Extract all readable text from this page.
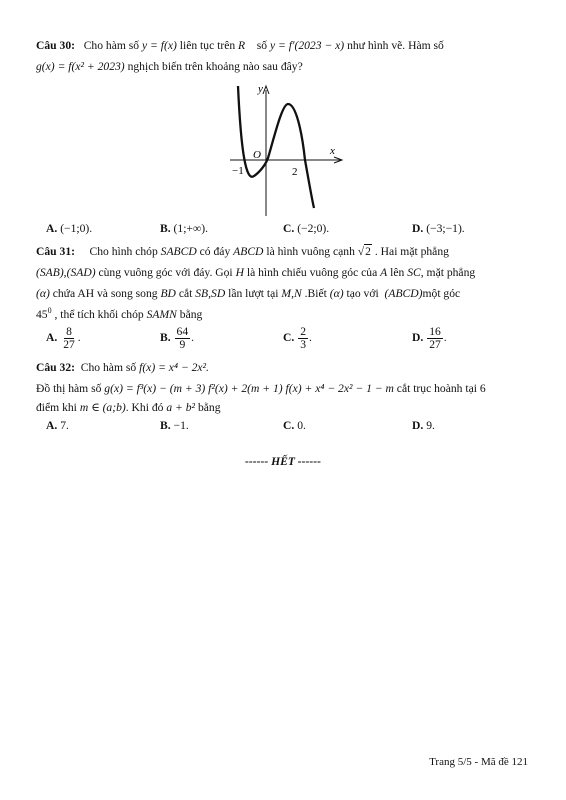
Câu 30: Cho hàm số y = f(x) liên tục trên R số y = f′(2023 − x) như hình vẽ. Hàm số
g(x) = f(x² + 2023) nghịch biến trên khoảng nào sau đây?
y
x
O
−1	2
A. (−1;0).	B. (1;+∞).	C. (−2;0).	D. (−3;−1).
Câu 31: Cho hình chóp SABCD có đáy ABCD là hình vuông cạnh √2 . Hai mặt phẳng
(SAB),(SAD) cùng vuông góc với đáy. Gọi H là hình chiếu vuông góc của A lên SC, mặt phẳng
(α) chứa AH và song song BD cắt SB,SD lần lượt tại M,N .Biết (α) tạo với (ABCD)một góc
$45^0$ , thể tích khối chóp SAMN bằng
A. $\frac{8}{27}$ .	B. $\frac{64}{9}$ .	C. $\frac{2}{3}$ .	D. $\frac{16}{27}$ .
Câu 32: Cho hàm số f(x) = x⁴ − 2x².
Đồ thị hàm số g(x) = f³(x) − (m + 3) f²(x) + 2(m + 1) f(x) + x⁴ − 2x² − 1 − m cắt trục hoành tại 6
điểm khi m ∈ (a;b). Khi đó a + b² bằng
A. 7.	B. −1.	C. 0.	D. 9.
------ HẾT ------
Trang 5/5 - Mã đề 121
